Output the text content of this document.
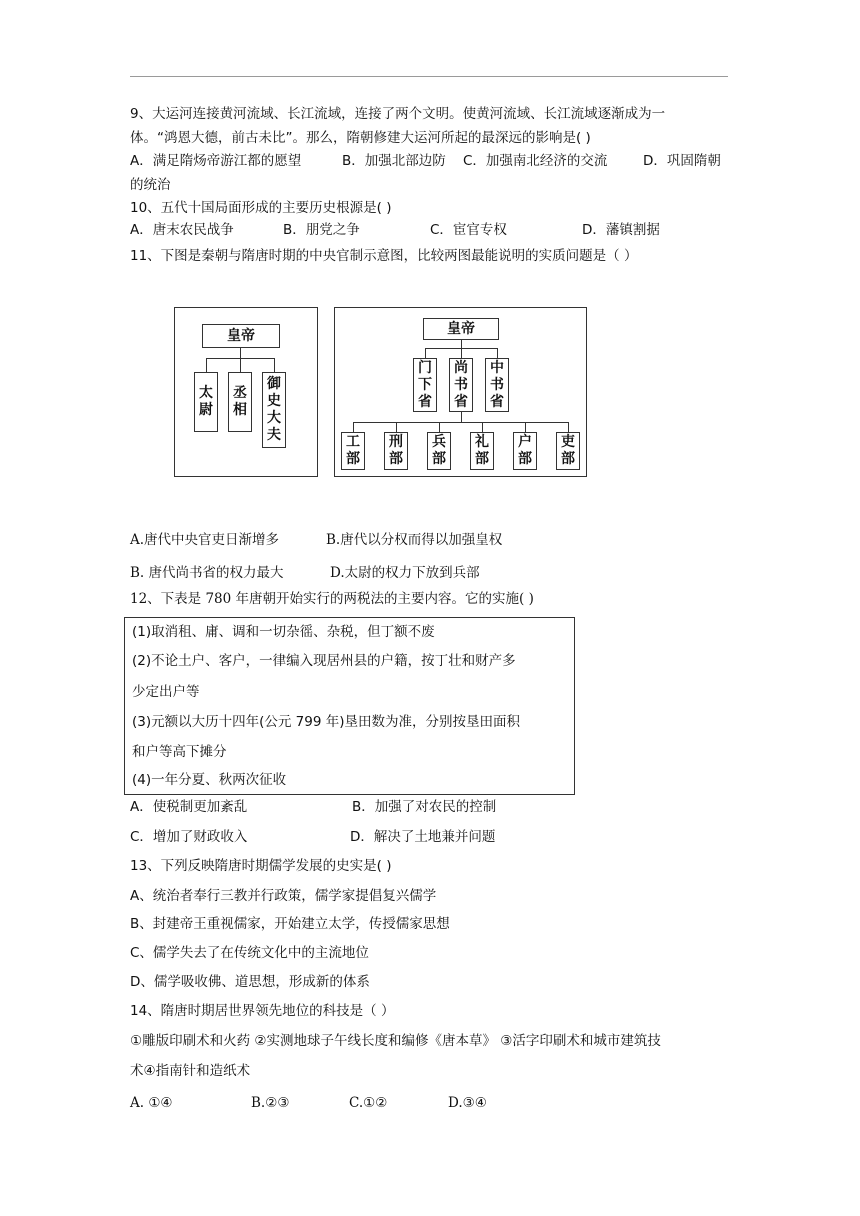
9、大运河连接黄河流域、长江流域，连接了两个文明。使黄河流域、长江流域逐渐成为一
体。“鸿恩大德，前古未比”。那么，隋朝修建大运河所起的最深远的影响是( )
A．满足隋炀帝游江都的愿望	B．加强北部边防 C．加强南北经济的交流	D．巩固隋朝
的统治
10、五代十国局面形成的主要历史根源是( )
A．唐末农民战争	B．朋党之争	C．宦官专权	D．藩镇割据
11、下图是秦朝与隋唐时期的中央官制示意图，比较两图最能说明的实质问题是（ ）
皇帝
太
尉
丞
相
御
史
大
夫
皇帝
门
下
省
尚
书
省
中
书
省
工
部
刑
部
兵
部
礼
部
户
部
吏
部
A.唐代中央官吏日渐增多	B.唐代以分权而得以加强皇权
B. 唐代尚书省的权力最大	D.太尉的权力下放到兵部
12、下表是 780 年唐朝开始实行的两税法的主要内容。它的实施( )
(1)取消租、庸、调和一切杂徭、杂税，但丁额不废
(2)不论土户、客户，一律编入现居州县的户籍，按丁壮和财产多
少定出户等
(3)元额以大历十四年(公元 799 年)垦田数为准，分别按垦田面积
和户等高下摊分
(4)一年分夏、秋两次征收
A．使税制更加紊乱	B．加强了对农民的控制
C．增加了财政收入	D．解决了土地兼并问题
13、下列反映隋唐时期儒学发展的史实是( )
A、统治者奉行三教并行政策，儒学家提倡复兴儒学
B、封建帝王重视儒家，开始建立太学，传授儒家思想
C、儒学失去了在传统文化中的主流地位
D、儒学吸收佛、道思想，形成新的体系
14、隋唐时期居世界领先地位的科技是（ ）
①雕版印刷术和火药 ②实测地球子午线长度和编修《唐本草》 ③活字印刷术和城市建筑技
术④指南针和造纸术
A. ①④	B.②③	C.①②	D.③④
